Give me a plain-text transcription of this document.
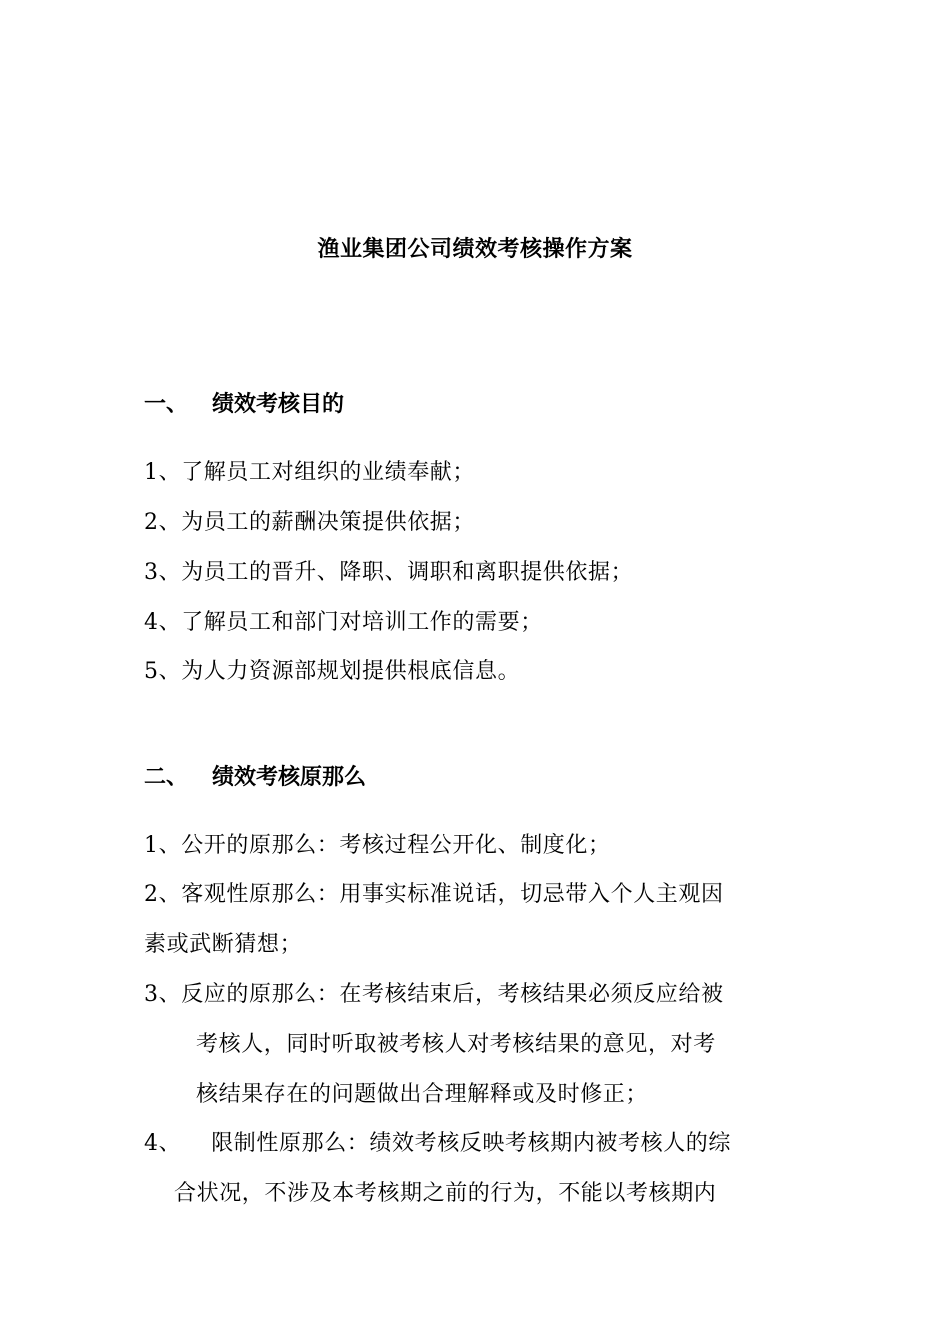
渔业集团公司绩效考核操作方案
一、 绩效考核目的
1、了解员工对组织的业绩奉献；
2、为员工的薪酬决策提供依据；
3、为员工的晋升、降职、调职和离职提供依据；
4、了解员工和部门对培训工作的需要；
5、为人力资源部规划提供根底信息。
二、 绩效考核原那么
1、公开的原那么：考核过程公开化、制度化；
2、客观性原那么：用事实标准说话，切忌带入个人主观因
素或武断猜想；
3、反应的原那么：在考核结束后，考核结果必须反应给被
考核人，同时听取被考核人对考核结果的意见，对考
核结果存在的问题做出合理解释或及时修正；
4、 限制性原那么：绩效考核反映考核期内被考核人的综
合状况，不涉及本考核期之前的行为，不能以考核期内
